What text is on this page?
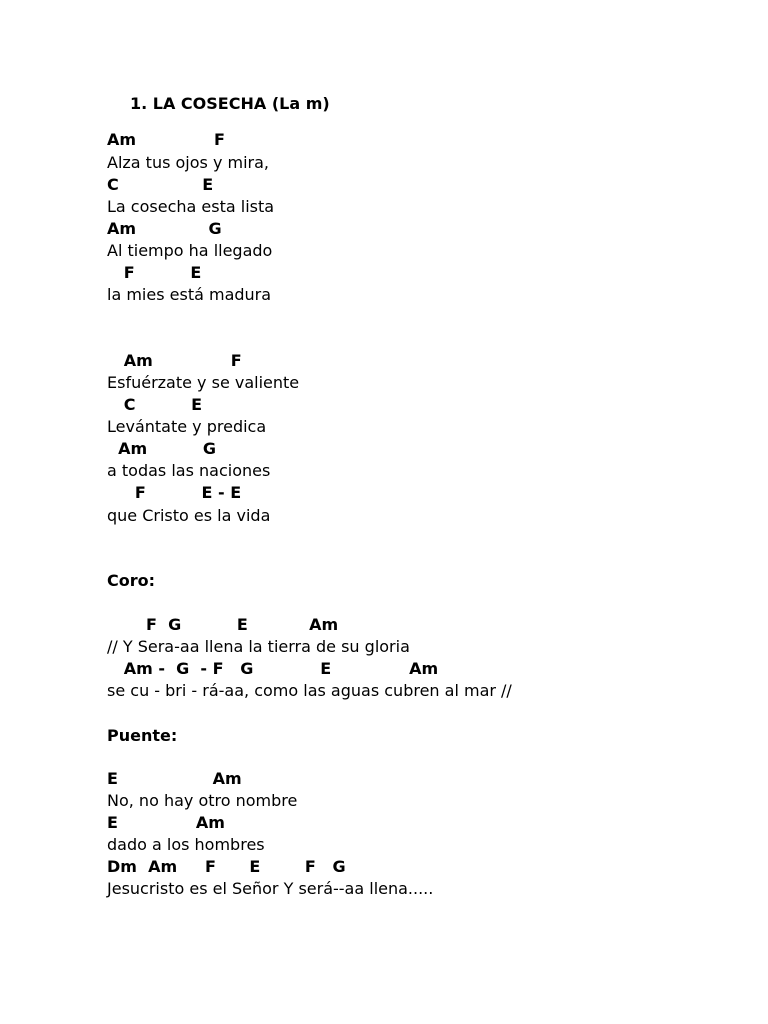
1. LA COSECHA (La m)

Am              F

Alza tus ojos y mira,

C               E

La cosecha esta lista

Am             G

Al tiempo ha llegado

F          E

la mies está madura

Am              F

Esfuérzate y se valiente

C          E

Levántate y predica

Am          G

a todas las naciones

F          E - E

que Cristo es la vida

Coro:

F  G          E           Am

// Y Sera-aa llena la tierra de su gloria

Am -  G  - F   G            E              Am

se cu - bri - rá-aa, como las aguas cubren al mar //

Puente:

E                 Am

No, no hay otro nombre

E              Am

dado a los hombres

Dm  Am     F      E        F   G

Jesucristo es el Señor Y será--aa llena.....
